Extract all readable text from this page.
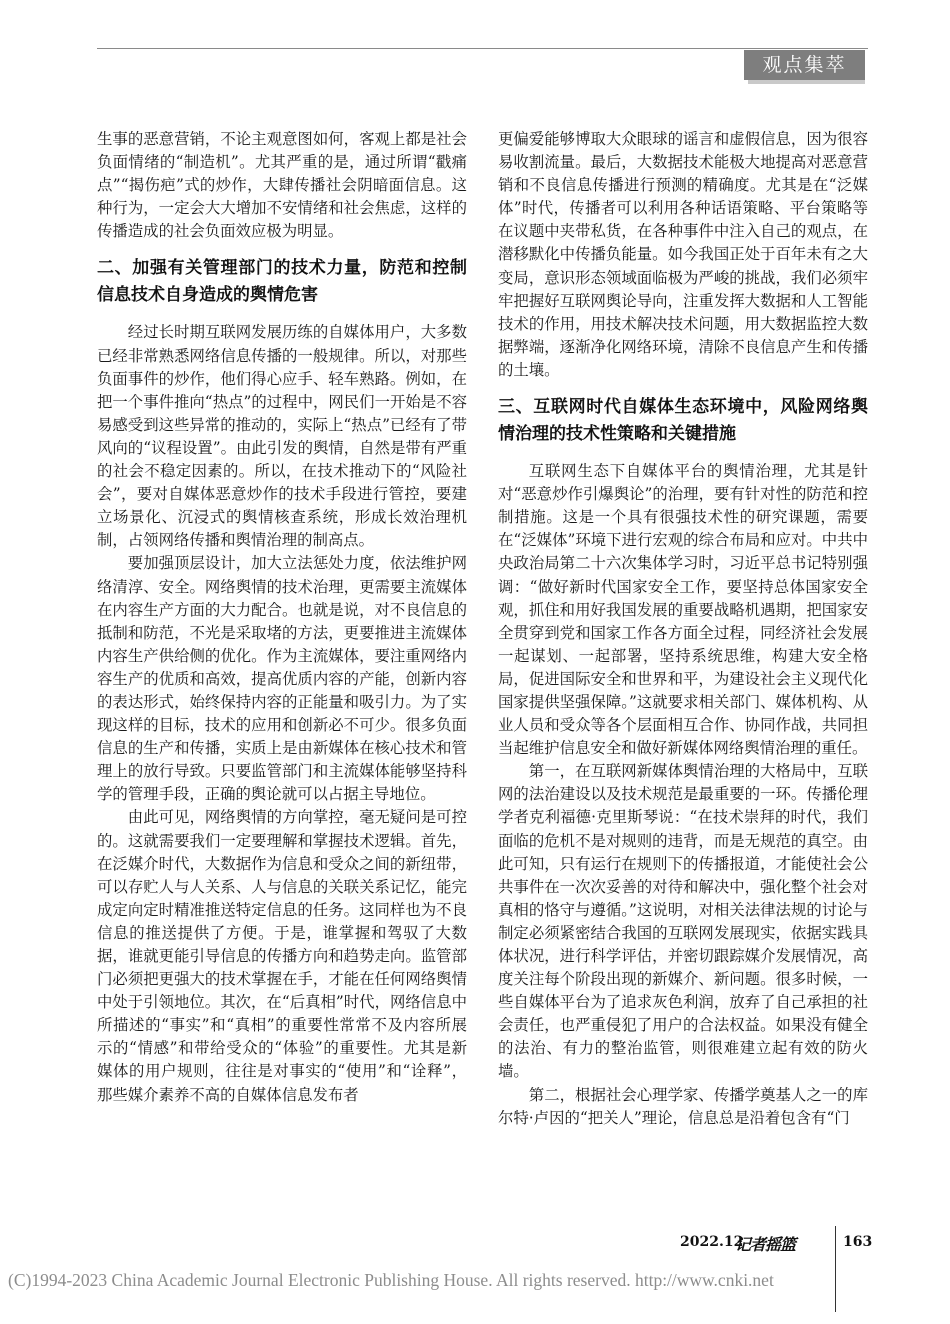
观点集萃

生事的恶意营销，不论主观意图如何，客观上都是社会负面情绪的“制造机”。尤其严重的是，通过所谓“戳痛点”“揭伤疤”式的炒作，大肆传播社会阴暗面信息。这种行为，一定会大大增加不安情绪和社会焦虑，这样的传播造成的社会负面效应极为明显。

二、加强有关管理部门的技术力量，防范和控制信息技术自身造成的舆情危害

经过长时期互联网发展历练的自媒体用户，大多数已经非常熟悉网络信息传播的一般规律。所以，对那些负面事件的炒作，他们得心应手、轻车熟路。例如，在把一个事件推向“热点”的过程中，网民们一开始是不容易感受到这些异常的推动的，实际上“热点”已经有了带风向的“议程设置”。由此引发的舆情，自然是带有严重的社会不稳定因素的。所以，在技术推动下的“风险社会”，要对自媒体恶意炒作的技术手段进行管控，要建立场景化、沉浸式的舆情核查系统，形成长效治理机制，占领网络传播和舆情治理的制高点。

要加强顶层设计，加大立法惩处力度，依法维护网络清淳、安全。网络舆情的技术治理，更需要主流媒体在内容生产方面的大力配合。也就是说，对不良信息的抵制和防范，不光是采取堵的方法，更要推进主流媒体内容生产供给侧的优化。作为主流媒体，要注重网络内容生产的优质和高效，提高优质内容的产能，创新内容的表达形式，始终保持内容的正能量和吸引力。为了实现这样的目标，技术的应用和创新必不可少。很多负面信息的生产和传播，实质上是由新媒体在核心技术和管理上的放行导致。只要监管部门和主流媒体能够坚持科学的管理手段，正确的舆论就可以占据主导地位。

由此可见，网络舆情的方向掌控，毫无疑问是可控的。这就需要我们一定要理解和掌握技术逻辑。首先，在泛媒介时代，大数据作为信息和受众之间的新纽带，可以存贮人与人关系、人与信息的关联关系记忆，能完成定向定时精准推送特定信息的任务。这同样也为不良信息的推送提供了方便。于是，谁掌握和驾驭了大数据，谁就更能引导信息的传播方向和趋势走向。监管部门必须把更强大的技术掌握在手，才能在任何网络舆情中处于引领地位。其次，在“后真相”时代，网络信息中所描述的“事实”和“真相”的重要性常常不及内容所展示的“情感”和带给受众的“体验”的重要性。尤其是新媒体的用户规则，往往是对事实的“使用”和“诠释”，那些媒介素养不高的自媒体信息发布者

更偏爱能够博取大众眼球的谣言和虚假信息，因为很容易收割流量。最后，大数据技术能极大地提高对恶意营销和不良信息传播进行预测的精确度。尤其是在“泛媒体”时代，传播者可以利用各种话语策略、平台策略等在议题中夹带私货，在各种事件中注入自己的观点，在潜移默化中传播负能量。如今我国正处于百年未有之大变局，意识形态领域面临极为严峻的挑战，我们必须牢牢把握好互联网舆论导向，注重发挥大数据和人工智能技术的作用，用技术解决技术问题，用大数据监控大数据弊端，逐渐净化网络环境，清除不良信息产生和传播的土壤。

三、互联网时代自媒体生态环境中，风险网络舆情治理的技术性策略和关键措施

互联网生态下自媒体平台的舆情治理，尤其是针对“恶意炒作引爆舆论”的治理，要有针对性的防范和控制措施。这是一个具有很强技术性的研究课题，需要在“泛媒体”环境下进行宏观的综合布局和应对。中共中央政治局第二十六次集体学习时，习近平总书记特别强调：“做好新时代国家安全工作，要坚持总体国家安全观，抓住和用好我国发展的重要战略机遇期，把国家安全贯穿到党和国家工作各方面全过程，同经济社会发展一起谋划、一起部署，坚持系统思维，构建大安全格局，促进国际安全和世界和平，为建设社会主义现代化国家提供坚强保障。”这就要求相关部门、媒体机构、从业人员和受众等各个层面相互合作、协同作战，共同担当起维护信息安全和做好新媒体网络舆情治理的重任。

第一，在互联网新媒体舆情治理的大格局中，互联网的法治建设以及技术规范是最重要的一环。传播伦理学者克利福德·克里斯琴说：“在技术崇拜的时代，我们面临的危机不是对规则的违背，而是无规范的真空。由此可知，只有运行在规则下的传播报道，才能使社会公共事件在一次次妥善的对待和解决中，强化整个社会对真相的恪守与遵循。”这说明，对相关法律法规的讨论与制定必须紧密结合我国的互联网发展现实，依据实践具体状况，进行科学评估，并密切跟踪媒介发展情况，高度关注每个阶段出现的新媒介、新问题。很多时候，一些自媒体平台为了追求灰色利润，放弃了自己承担的社会责任，也严重侵犯了用户的合法权益。如果没有健全的法治、有力的整治监管，则很难建立起有效的防火墙。

第二，根据社会心理学家、传播学奠基人之一的库尔特·卢因的“把关人”理论，信息总是沿着包含有“门

2022.12
记者摇篮	163
(C)1994-2023 China Academic Journal Electronic Publishing House. All rights reserved. http://www.cnki.net
